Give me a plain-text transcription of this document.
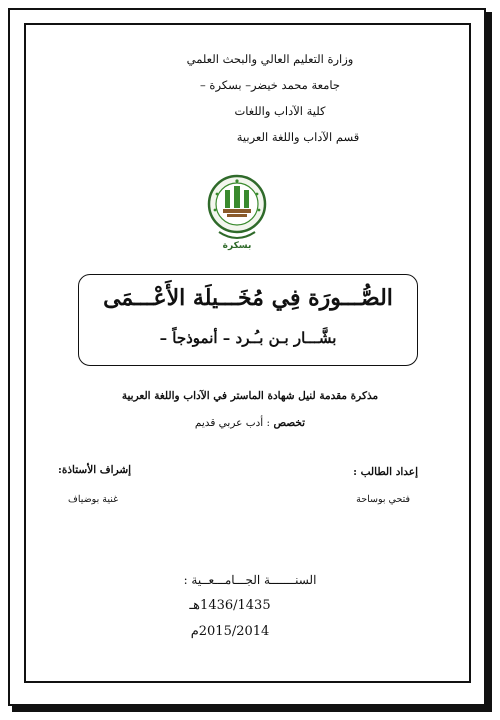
وزارة التعليم العالي والبحث العلمي
جامعة محمد خيضر– بسكرة –
كلية الآداب واللغات
قسم الآداب واللغة العربية
بسكرة
الصُّـــورَة فِي مُخَـــيلَة الأَعْـــمَى
بشَّـــار بـن بـُـرد – أنموذجاً –
مذكرة مقدمة لنيل شهادة الماستر في الآداب واللغة العربية
تخصص : أدب عربي قديم
إعداد الطالب :
فتحي بوساحة
إشراف الأستاذة:
غنية بوضياف
السنـــــــة الجـــامـــعــية :
1436/1435هـ
2015/2014م
